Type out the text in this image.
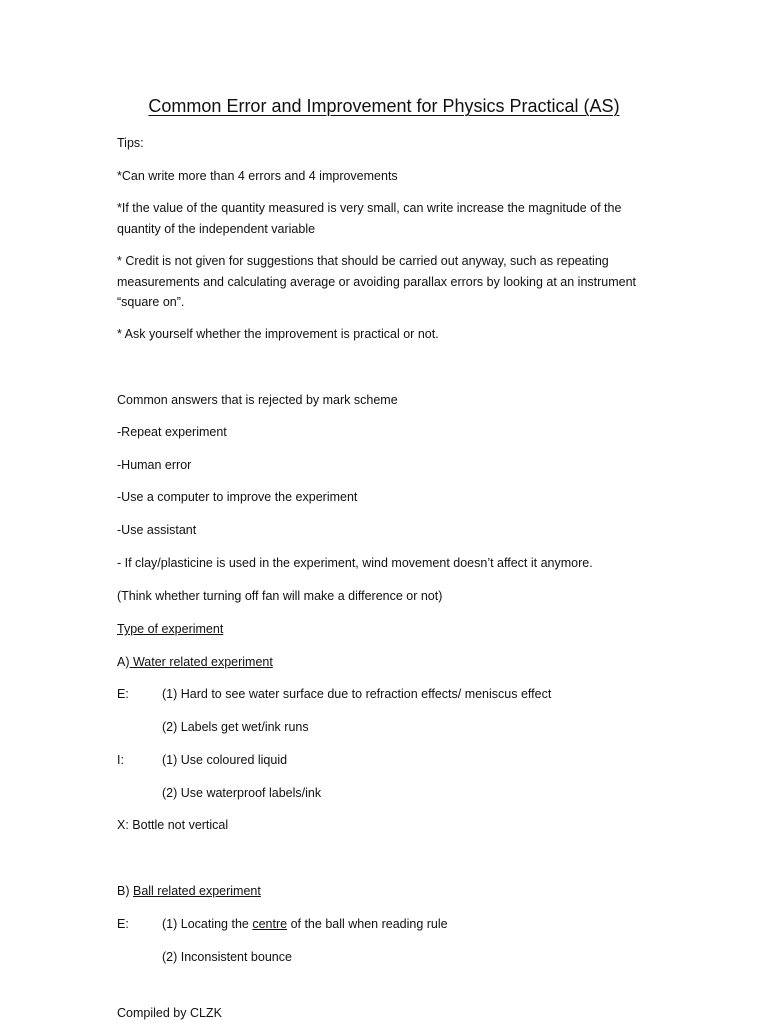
Common Error and Improvement for Physics Practical (AS)
Tips:
*Can write more than 4 errors and 4 improvements
*If the value of the quantity measured is very small, can write increase the magnitude of the quantity of the independent variable
* Credit is not given for suggestions that should be carried out anyway, such as repeating measurements and calculating average or avoiding parallax errors by looking at an instrument “square on”.
* Ask yourself whether the improvement is practical or not.
Common answers that is rejected by mark scheme
-Repeat experiment
-Human error
-Use a computer to improve the experiment
-Use assistant
- If clay/plasticine is used in the experiment, wind movement doesn’t affect it anymore.
(Think whether turning off fan will make a difference or not)
Type of experiment
A) Water related experiment
E:	(1) Hard to see water surface due to refraction effects/ meniscus effect
(2) Labels get wet/ink runs
I:	(1) Use coloured liquid
(2) Use waterproof labels/ink
X: Bottle not vertical
B) Ball related experiment
E:	(1) Locating the centre of the ball when reading rule
(2) Inconsistent bounce
Compiled by CLZK
